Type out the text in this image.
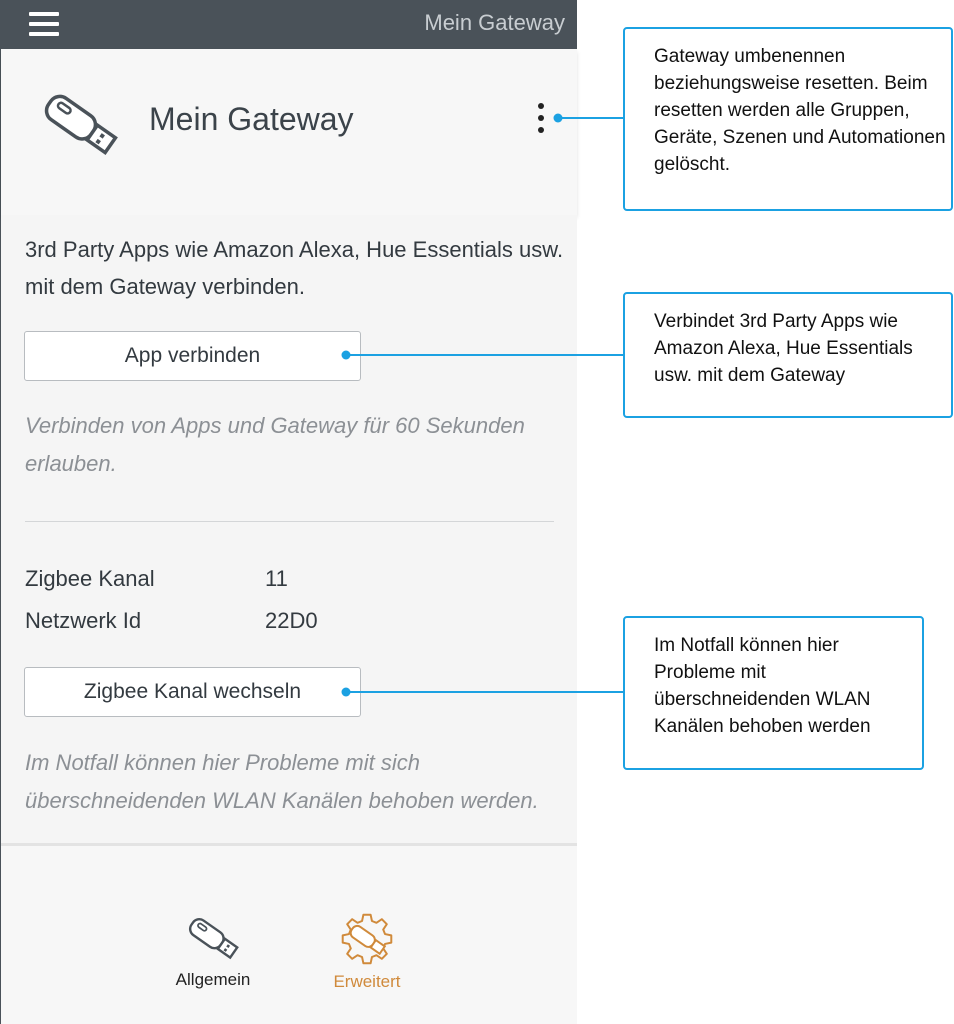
Mein Gateway
Mein Gateway
3rd Party Apps wie Amazon Alexa, Hue Essentials usw. mit dem Gateway verbinden.
App verbinden
Verbinden von Apps und Gateway für 60 Sekunden erlauben.
Zigbee Kanal	11
Netzwerk Id	22D0
Zigbee Kanal wechseln
Im Notfall können hier Probleme mit sich überschneidenden WLAN Kanälen behoben werden.
Allgemein	Erweitert
Gateway umbenennen beziehungsweise resetten. Beim resetten werden alle Gruppen, Geräte, Szenen und Automationen gelöscht.
Verbindet 3rd Party Apps wie Amazon Alexa, Hue Essentials usw. mit dem Gateway
Im Notfall können hier Probleme mit überschneidenden WLAN Kanälen behoben werden
